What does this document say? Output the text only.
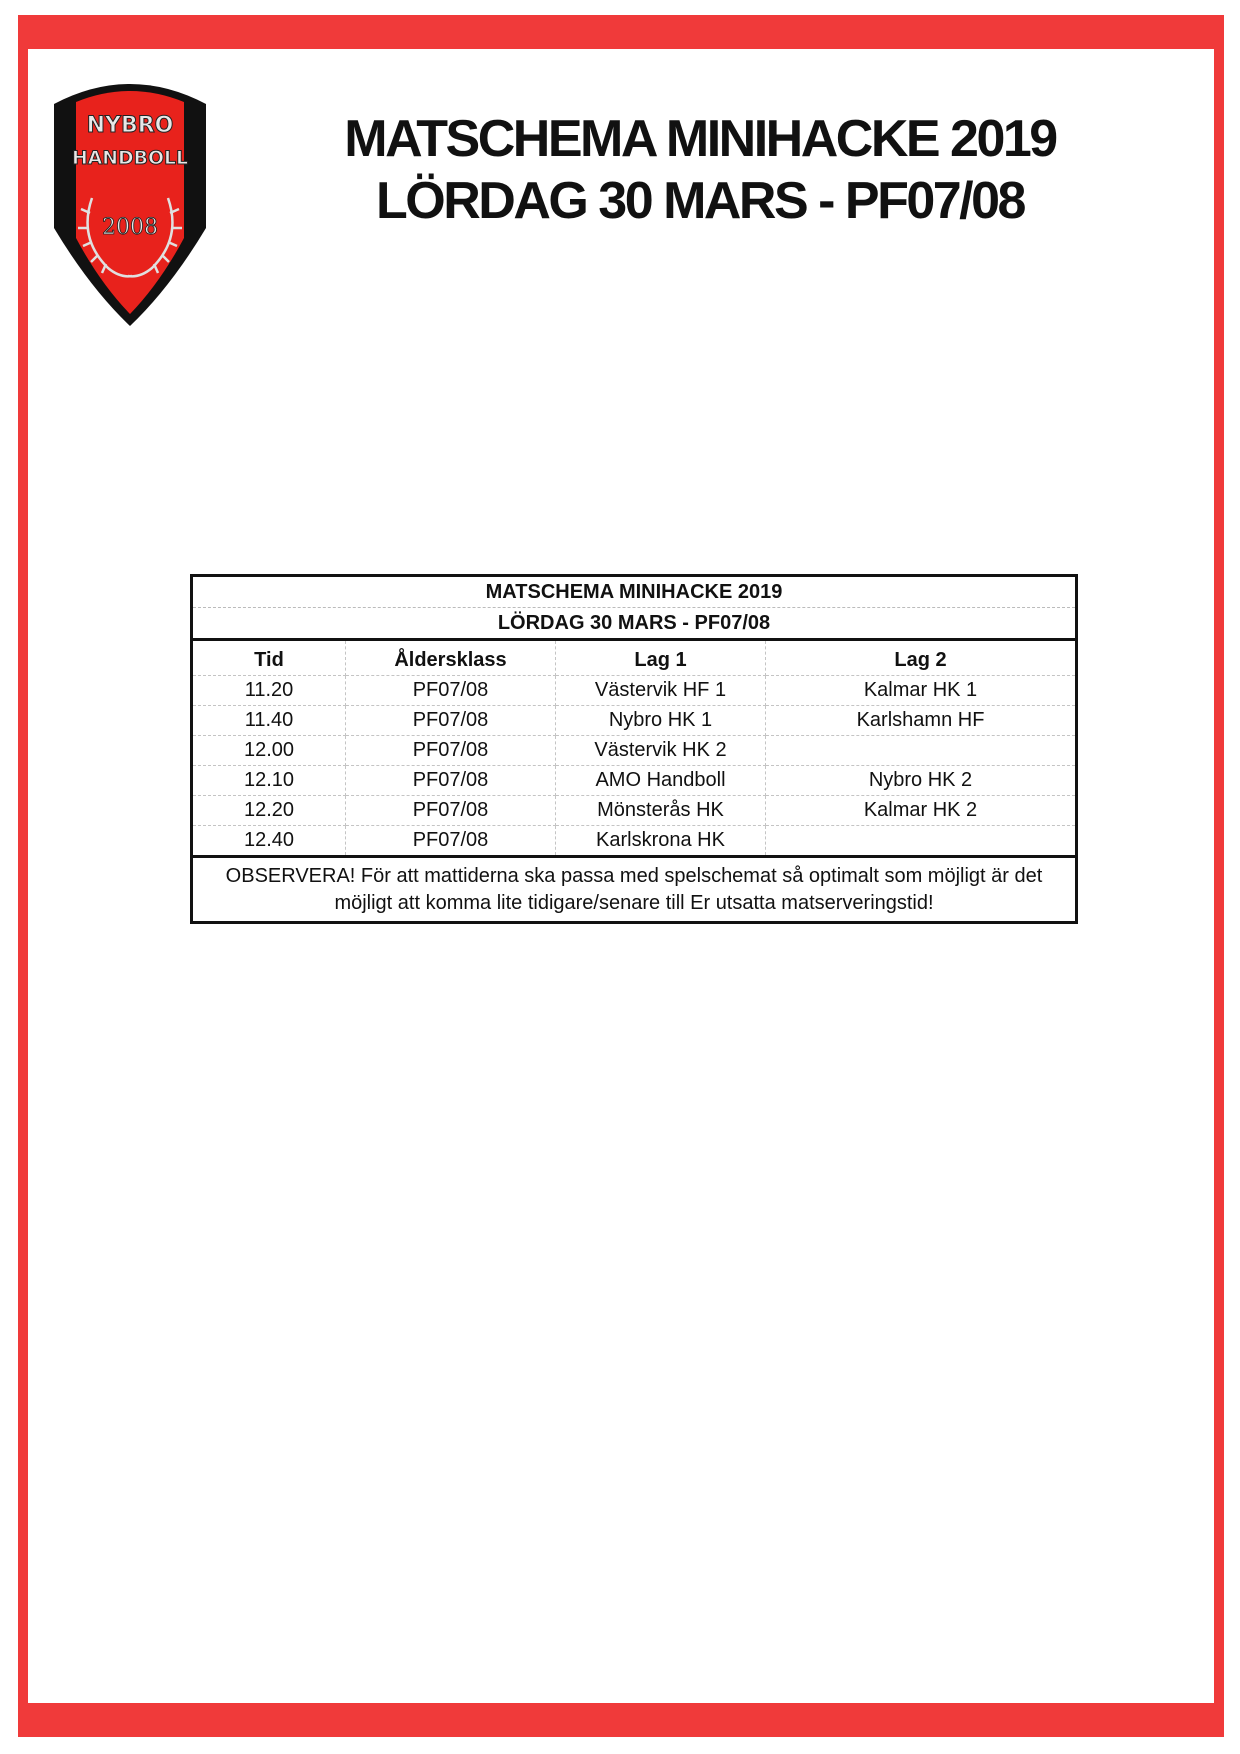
NYBRO
HANDBOLL
2008
MATSCHEMA MINIHACKE 2019
LÖRDAG 30 MARS - PF07/08
MATSCHEMA MINIHACKE 2019
LÖRDAG 30 MARS - PF07/08
Tid	Åldersklass	Lag 1	Lag 2
11.20	PF07/08	Västervik HF 1	Kalmar HK 1
11.40	PF07/08	Nybro HK 1	Karlshamn HF
12.00	PF07/08	Västervik HK 2
12.10	PF07/08	AMO Handboll	Nybro HK 2
12.20	PF07/08	Mönsterås HK	Kalmar HK 2
12.40	PF07/08	Karlskrona HK
OBSERVERA! För att mattiderna ska passa med spelschemat så optimalt som möjligt är det
möjligt att komma lite tidigare/senare till Er utsatta matserveringstid!
